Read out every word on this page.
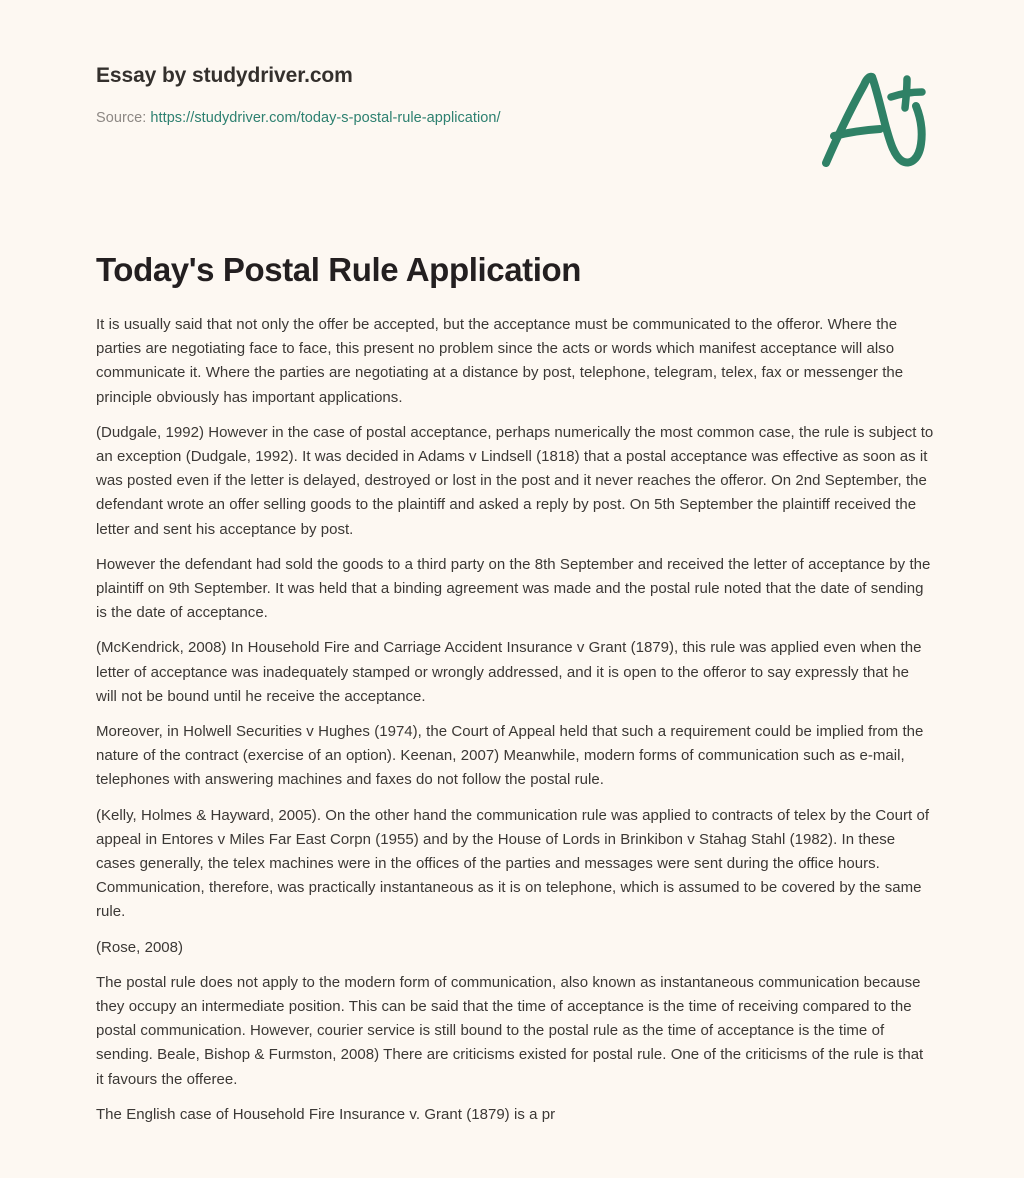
Essay by studydriver.com
Source: https://studydriver.com/today-s-postal-rule-application/
Today's Postal Rule Application

It is usually said that not only the offer be accepted, but the acceptance must be communicated to the offeror. Where the parties are negotiating face to face, this present no problem since the acts or words which manifest acceptance will also communicate it. Where the parties are negotiating at a distance by post, telephone, telegram, telex, fax or messenger the principle obviously has important applications.

(Dudgale, 1992) However in the case of postal acceptance, perhaps numerically the most common case, the rule is subject to an exception (Dudgale, 1992). It was decided in Adams v Lindsell (1818) that a postal acceptance was effective as soon as it was posted even if the letter is delayed, destroyed or lost in the post and it never reaches the offeror. On 2nd September, the defendant wrote an offer selling goods to the plaintiff and asked a reply by post. On 5th September the plaintiff received the letter and sent his acceptance by post.

However the defendant had sold the goods to a third party on the 8th September and received the letter of acceptance by the plaintiff on 9th September. It was held that a binding agreement was made and the postal rule noted that the date of sending is the date of acceptance.

(McKendrick, 2008) In Household Fire and Carriage Accident Insurance v Grant (1879), this rule was applied even when the letter of acceptance was inadequately stamped or wrongly addressed, and it is open to the offeror to say expressly that he will not be bound until he receive the acceptance.

Moreover, in Holwell Securities v Hughes (1974), the Court of Appeal held that such a requirement could be implied from the nature of the contract (exercise of an option). Keenan, 2007) Meanwhile, modern forms of communication such as e-mail, telephones with answering machines and faxes do not follow the postal rule.

(Kelly, Holmes & Hayward, 2005). On the other hand the communication rule was applied to contracts of telex by the Court of appeal in Entores v Miles Far East Corpn (1955) and by the House of Lords in Brinkibon v Stahag Stahl (1982). In these cases generally, the telex machines were in the offices of the parties and messages were sent during the office hours. Communication, therefore, was practically instantaneous as it is on telephone, which is assumed to be covered by the same rule.

(Rose, 2008)

The postal rule does not apply to the modern form of communication, also known as instantaneous communication because they occupy an intermediate position. This can be said that the time of acceptance is the time of receiving compared to the postal communication. However, courier service is still bound to the postal rule as the time of acceptance is the time of sending. Beale, Bishop & Furmston, 2008) There are criticisms existed for postal rule. One of the criticisms of the rule is that it favours the offeree.

The English case of Household Fire Insurance v. Grant (1879) is a pr
